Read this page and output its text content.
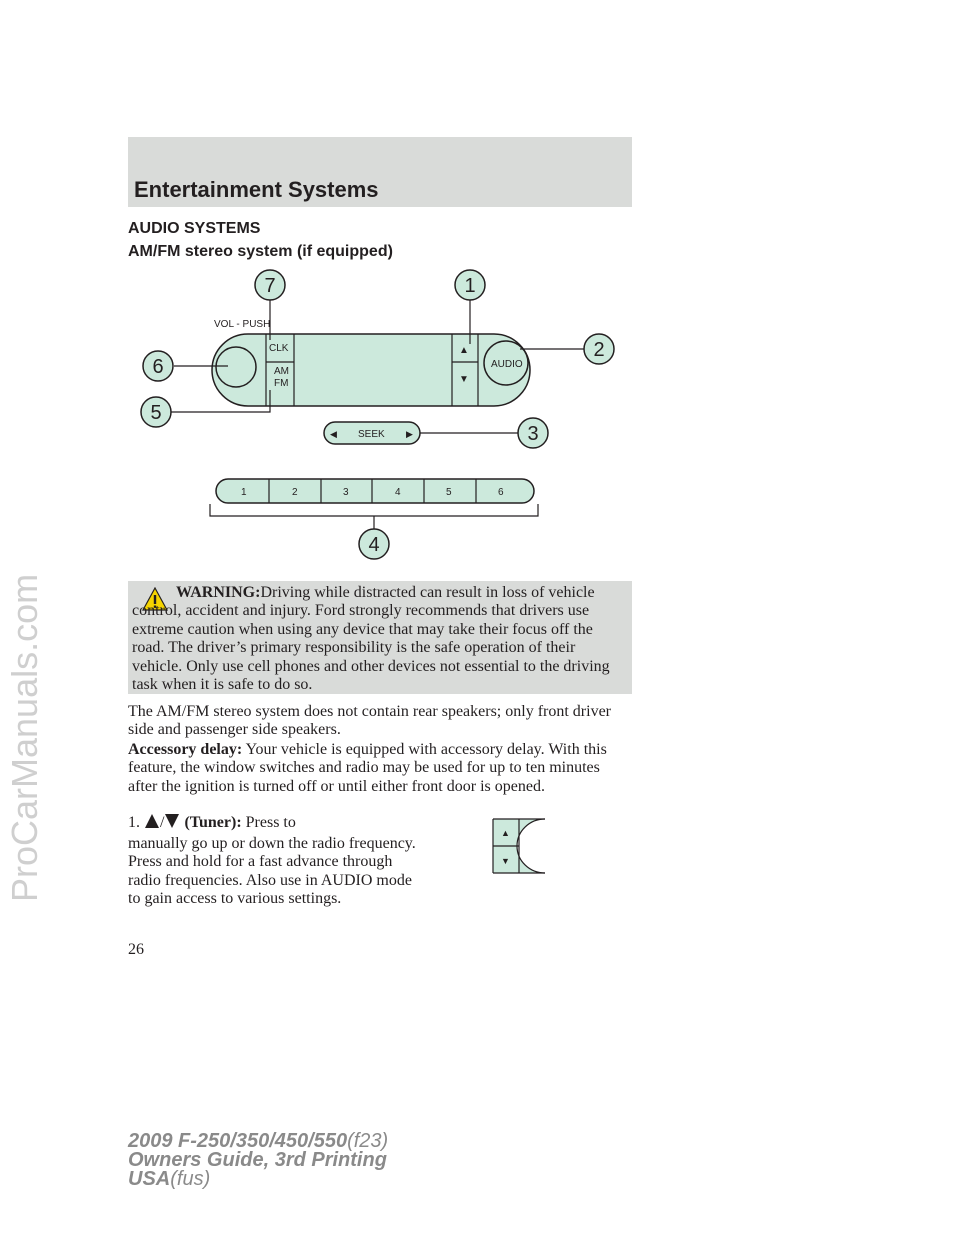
ProCarManuals.com
Entertainment Systems
AUDIO SYSTEMS
AM/FM stereo system (if equipped)
VOL - PUSH
CLK
AM
FM
▲
▼
AUDIO
◀ SEEK ▶
1	2	3	4	5	6
7	1
2
6
5
3
4
WARNING:Driving while distracted can result in loss of vehicle control, accident and injury. Ford strongly recommends that drivers use extreme caution when using any device that may take their focus off the road. The driver’s primary responsibility is the safe operation of their vehicle. Only use cell phones and other devices not essential to the driving task when it is safe to do so.
The AM/FM stereo system does not contain rear speakers; only front driver side and passenger side speakers.
Accessory delay: Your vehicle is equipped with accessory delay. With this feature, the window switches and radio may be used for up to ten minutes after the ignition is turned off or until either front door is opened.
1. / (Tuner): Press to
manually go up or down the radio frequency. Press and hold for a fast advance through radio frequencies. Also use in AUDIO mode to gain access to various settings.
▲
▼
26
2009 F-250/350/450/550(f23)
Owners Guide, 3rd Printing
USA(fus)
